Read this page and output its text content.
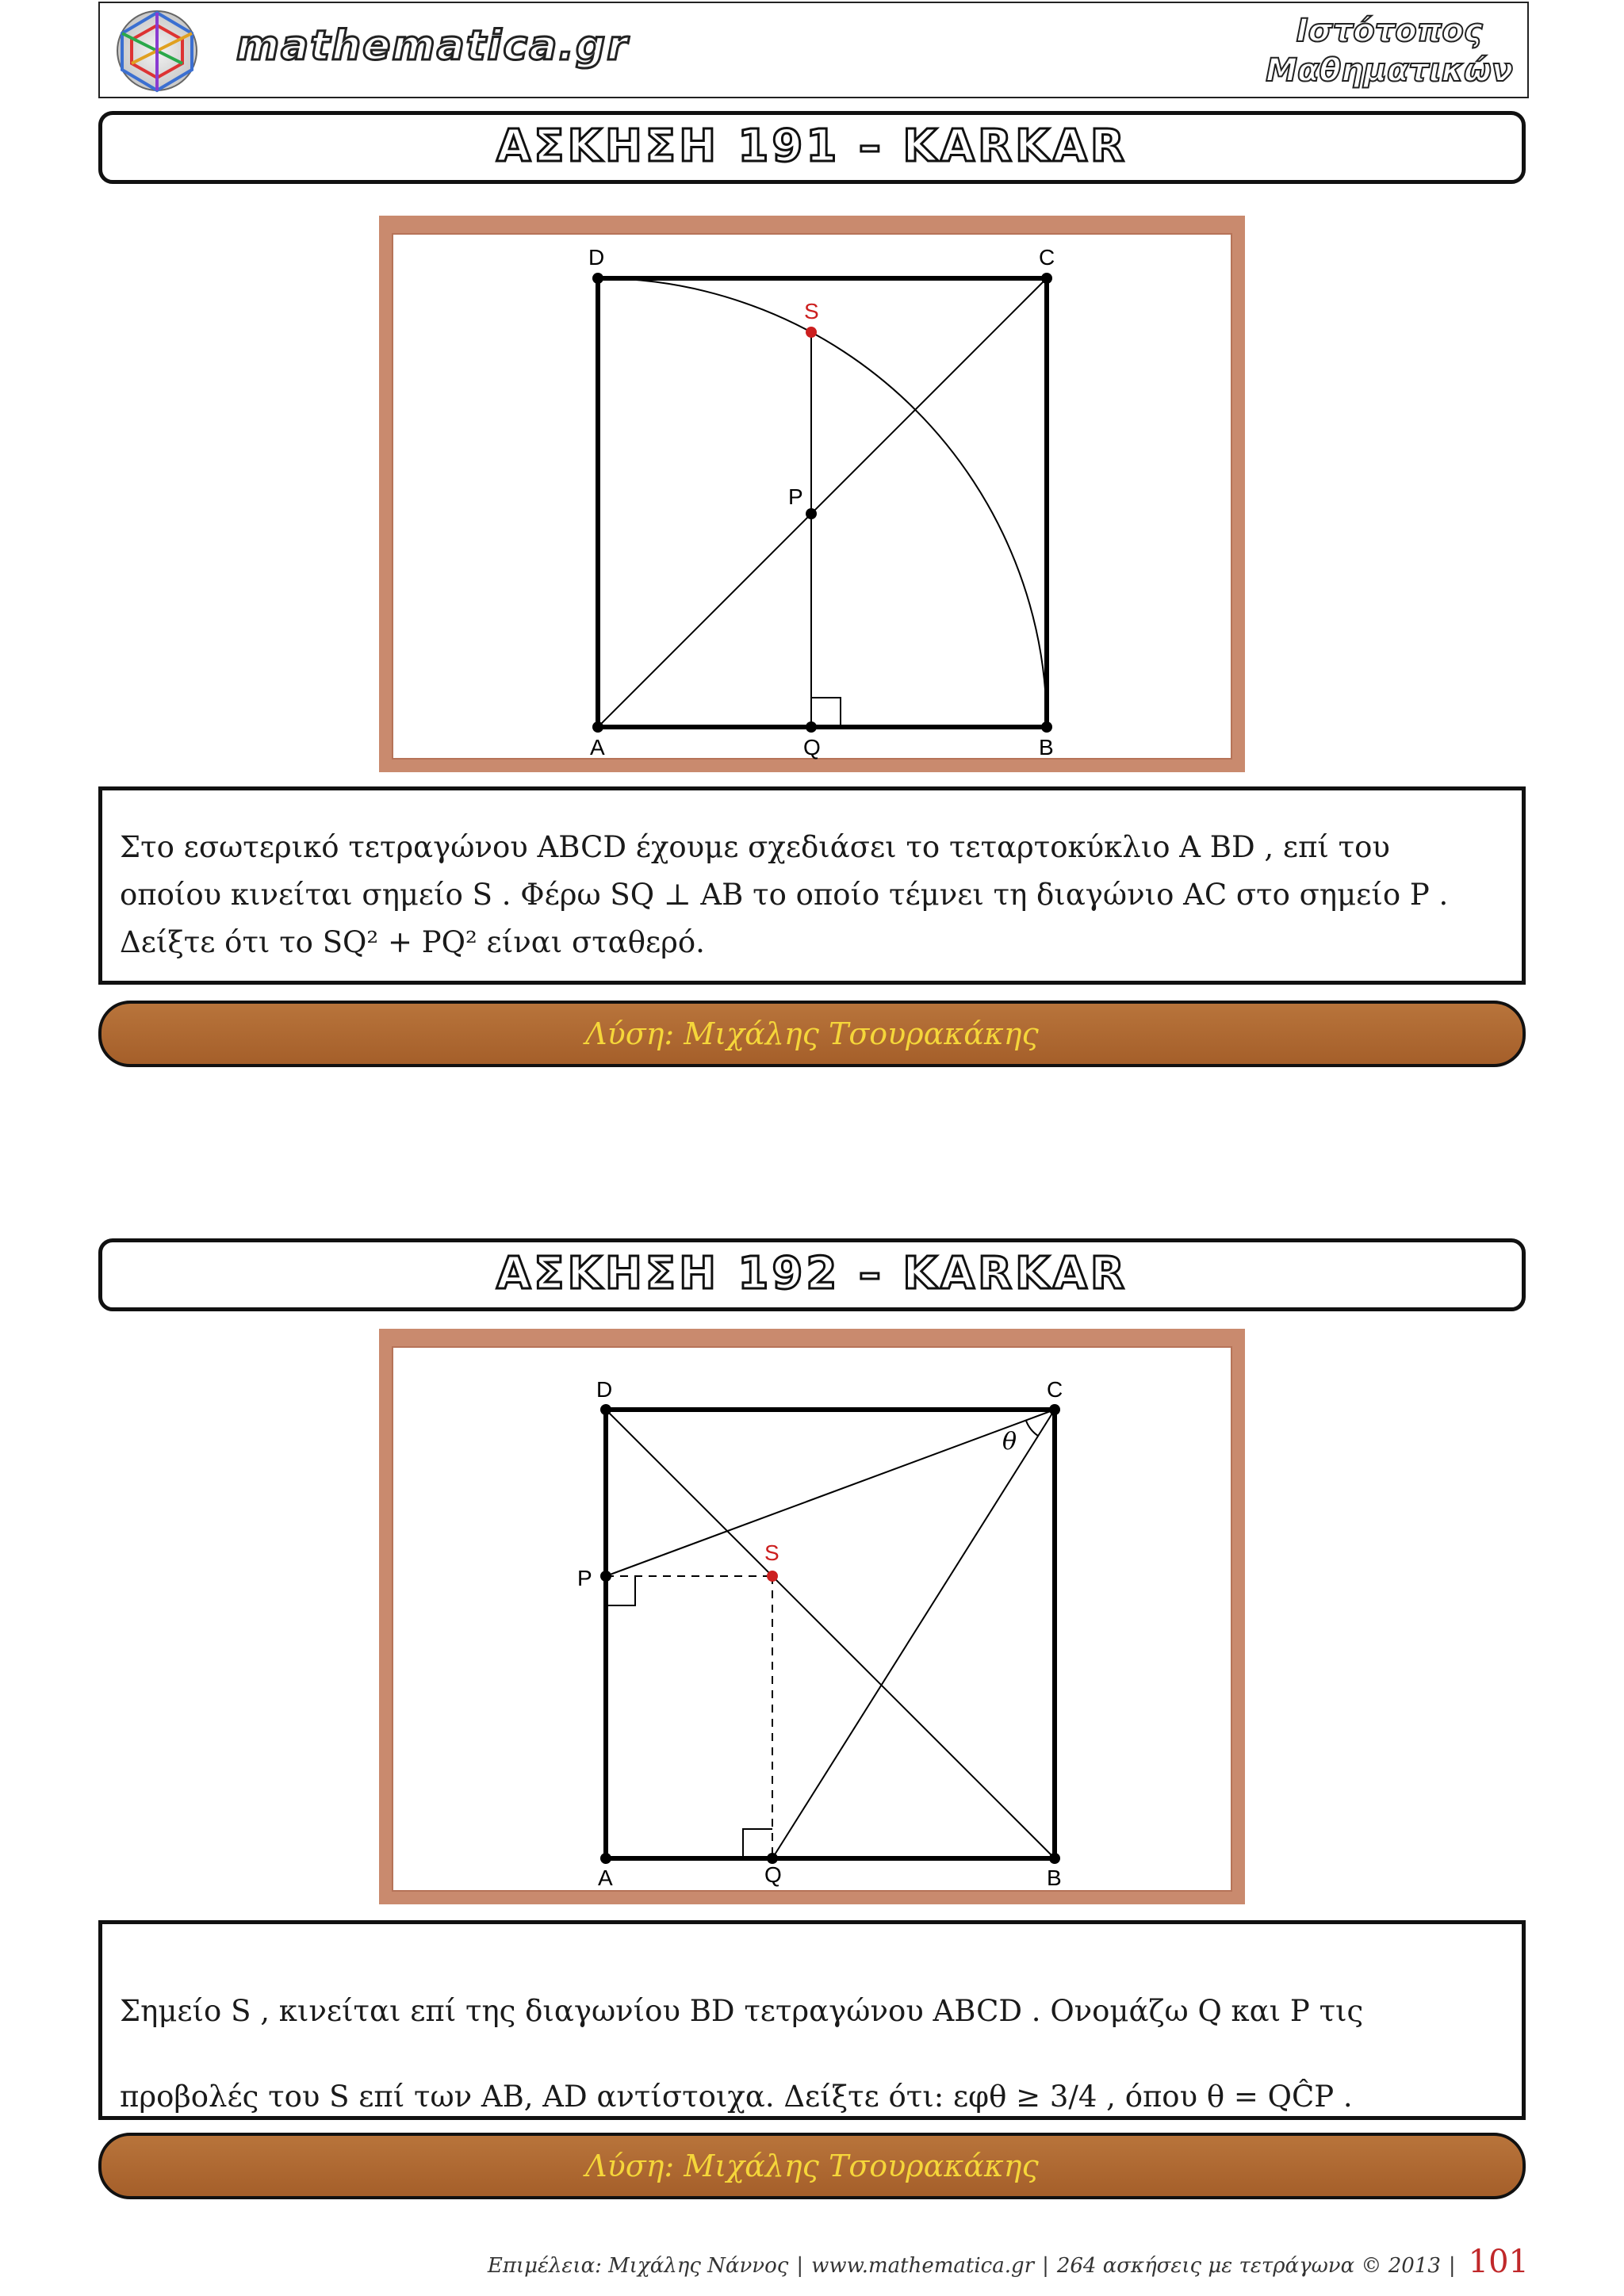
mathematica.gr	Ιστότοπος
Μαθηματικών
ΑΣΚΗΣΗ 191 – KARKAR
D	C
S
P
A	Q	B

Στο εσωτερικό τετραγώνου ABCD έχουμε σχεδιάσει το τεταρτοκύκλιο A BD , επί του

οποίου κινείται σημείο S . Φέρω SQ ⊥ AB το οποίο τέμνει τη διαγώνιο AC στο σημείο P .

Δείξτε ότι το SQ² + PQ² είναι σταθερό.

Λύση: Μιχάλης Τσουρακάκης
ΑΣΚΗΣΗ 192 – KARKAR
D	C
θ
S
P
A	Q	B

Σημείο S , κινείται επί της διαγωνίου BD τετραγώνου ABCD . Ονομάζω Q και P τις

προβολές του S επί των AB, AD αντίστοιχα. Δείξτε ότι: εφθ ≥ 3/4 , όπου θ = QĈP .

Λύση: Μιχάλης Τσουρακάκης
Επιμέλεια: Μιχάλης Νάννος | www.mathematica.gr | 264 ασκήσεις με τετράγωνα © 2013 | 101
